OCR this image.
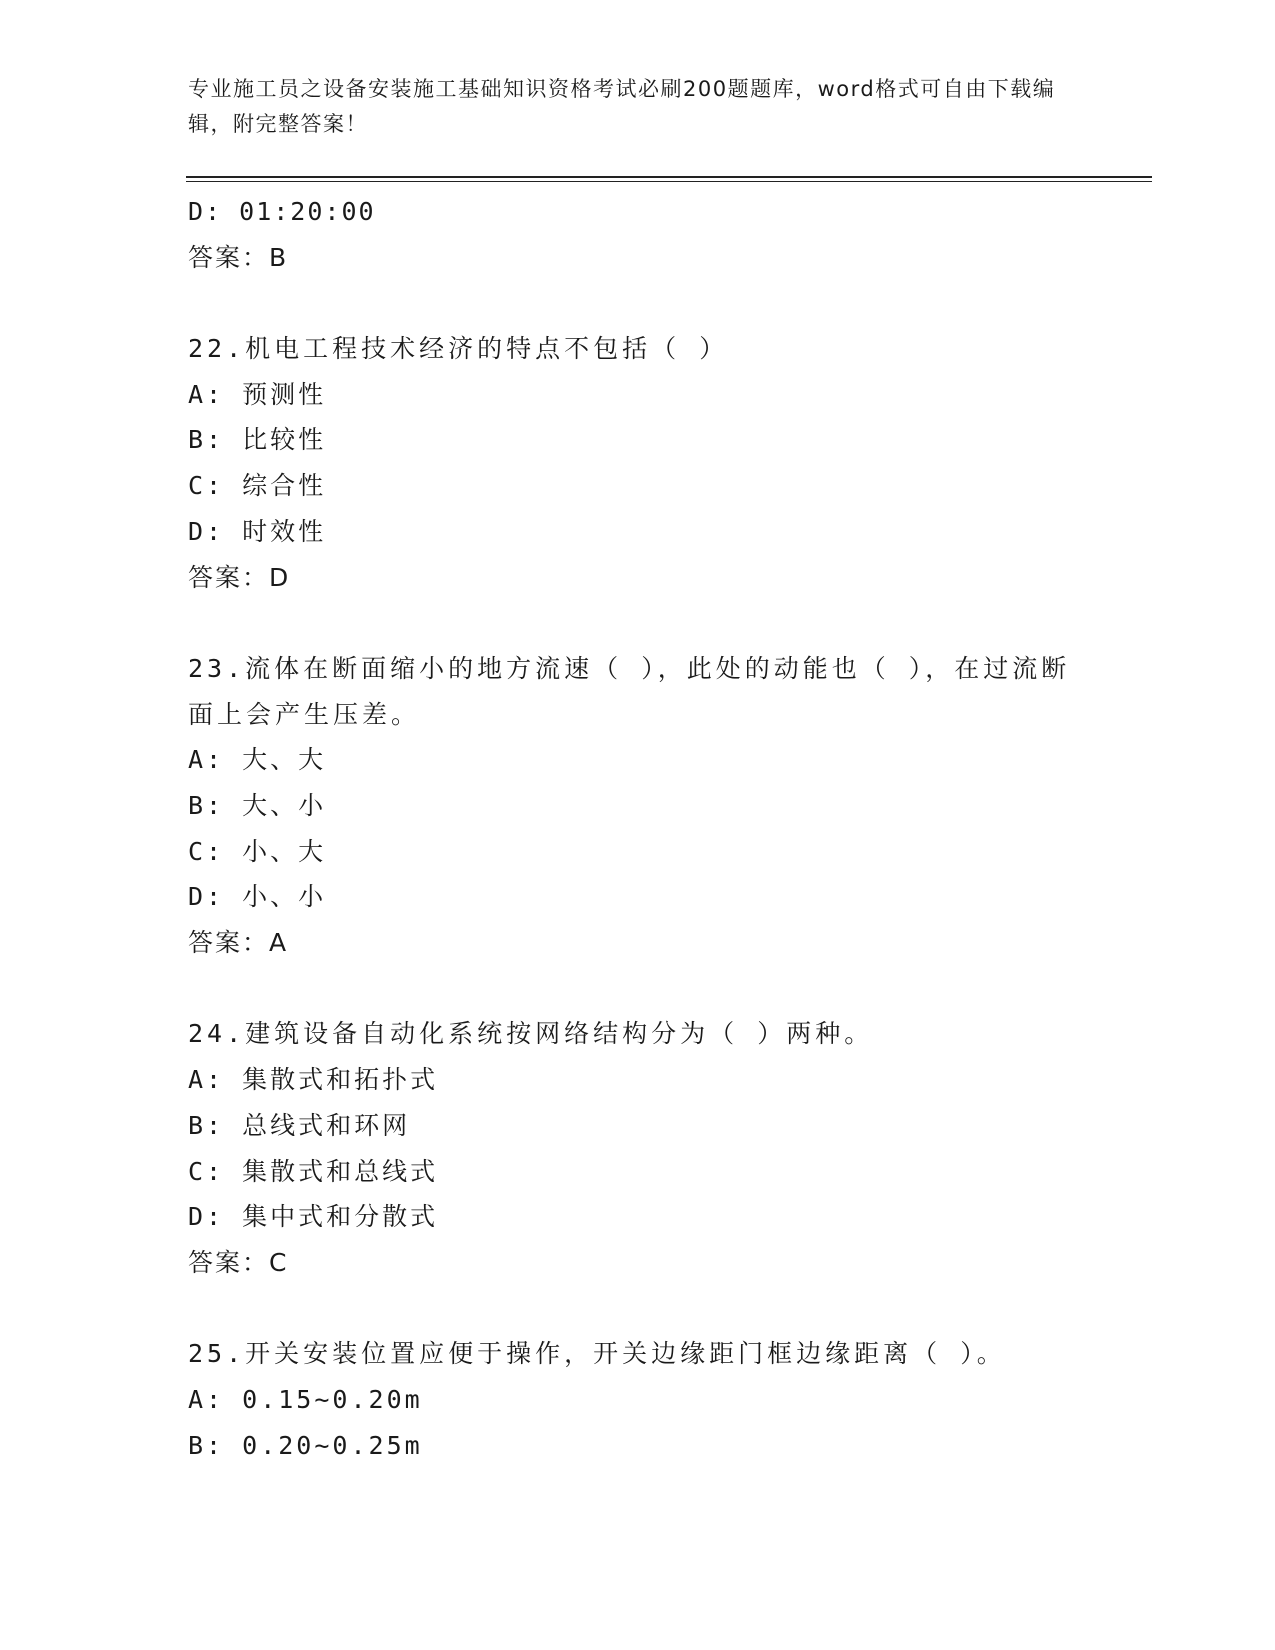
专业施工员之设备安装施工基础知识资格考试必刷200题题库，word格式可自由下载编辑，附完整答案！
D: 01:20:00
答案：B
22.机电工程技术经济的特点不包括（ ）
A: 预测性
B: 比较性
C: 综合性
D: 时效性
答案：D
23.流体在断面缩小的地方流速（ ），此处的动能也（ ），在过流断面上会产生压差。
A: 大、大
B: 大、小
C: 小、大
D: 小、小
答案：A
24.建筑设备自动化系统按网络结构分为（ ）两种。
A: 集散式和拓扑式
B: 总线式和环网
C: 集散式和总线式
D: 集中式和分散式
答案：C
25.开关安装位置应便于操作，开关边缘距门框边缘距离（ ）。
A: 0.15~0.20m
B: 0.20~0.25m
